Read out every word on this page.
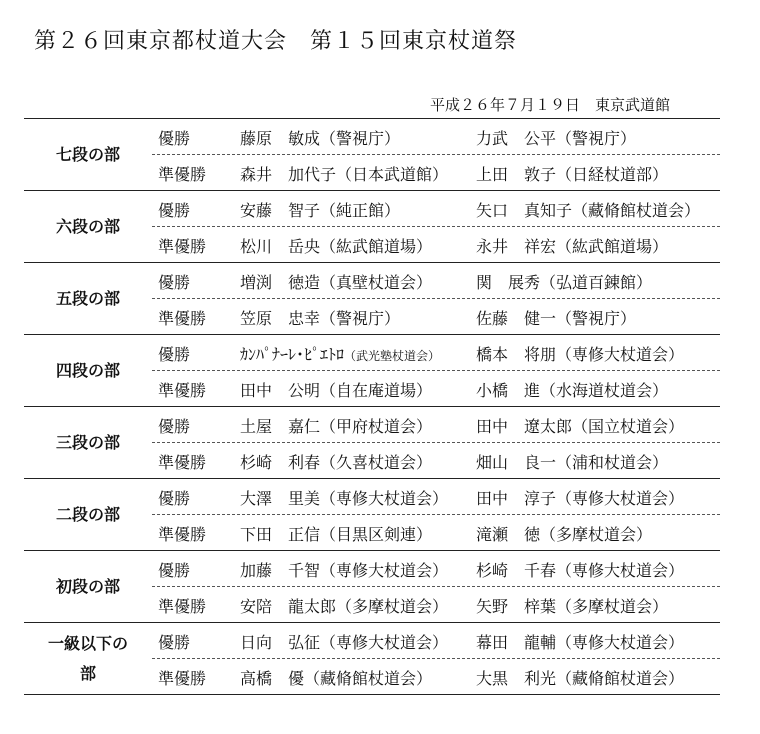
第２６回東京都杖道大会　第１５回東京杖道祭
平成２６年７月１９日　東京武道館
七段の部
優勝	藤原　敏成（警視庁）	力武　公平（警視庁）
準優勝 森井　加代子（日本武道館） 上田　敦子（日経杖道部）
六段の部
優勝	安藤　智子（純正館）	矢口　真知子（藏脩館杖道会）
準優勝 松川　岳央（紘武館道場）	永井　祥宏（紘武館道場）
五段の部
優勝	増渕　徳造（真壁杖道会）	関　展秀（弘道百錬館）
準優勝 笠原　忠幸（警視庁）	佐藤　健一（警視庁）
四段の部
優勝	ｶﾝﾊﾟﾅｰﾚ･ﾋﾟｴﾄﾛ（武光塾杖道会） 橋本　将朋（専修大杖道会）
準優勝 田中　公明（自在庵道場）	小橋　進（水海道杖道会）
三段の部
優勝	土屋　嘉仁（甲府杖道会）	田中　遼太郎（国立杖道会）
準優勝 杉崎　利春（久喜杖道会）	畑山　良一（浦和杖道会）
二段の部
優勝	大澤　里美（専修大杖道会） 田中　淳子（専修大杖道会）
準優勝 下田　正信（目黒区剣連）	滝瀬　徳（多摩杖道会）
初段の部
優勝	加藤　千智（専修大杖道会） 杉崎　千春（専修大杖道会）
準優勝 安陪　龍太郎（多摩杖道会） 矢野　梓葉（多摩杖道会）
一級以下の部
優勝	日向　弘征（専修大杖道会） 幕田　龍輔（専修大杖道会）
準優勝 高橋　優（藏脩館杖道会）	大黒　利光（藏脩館杖道会）
